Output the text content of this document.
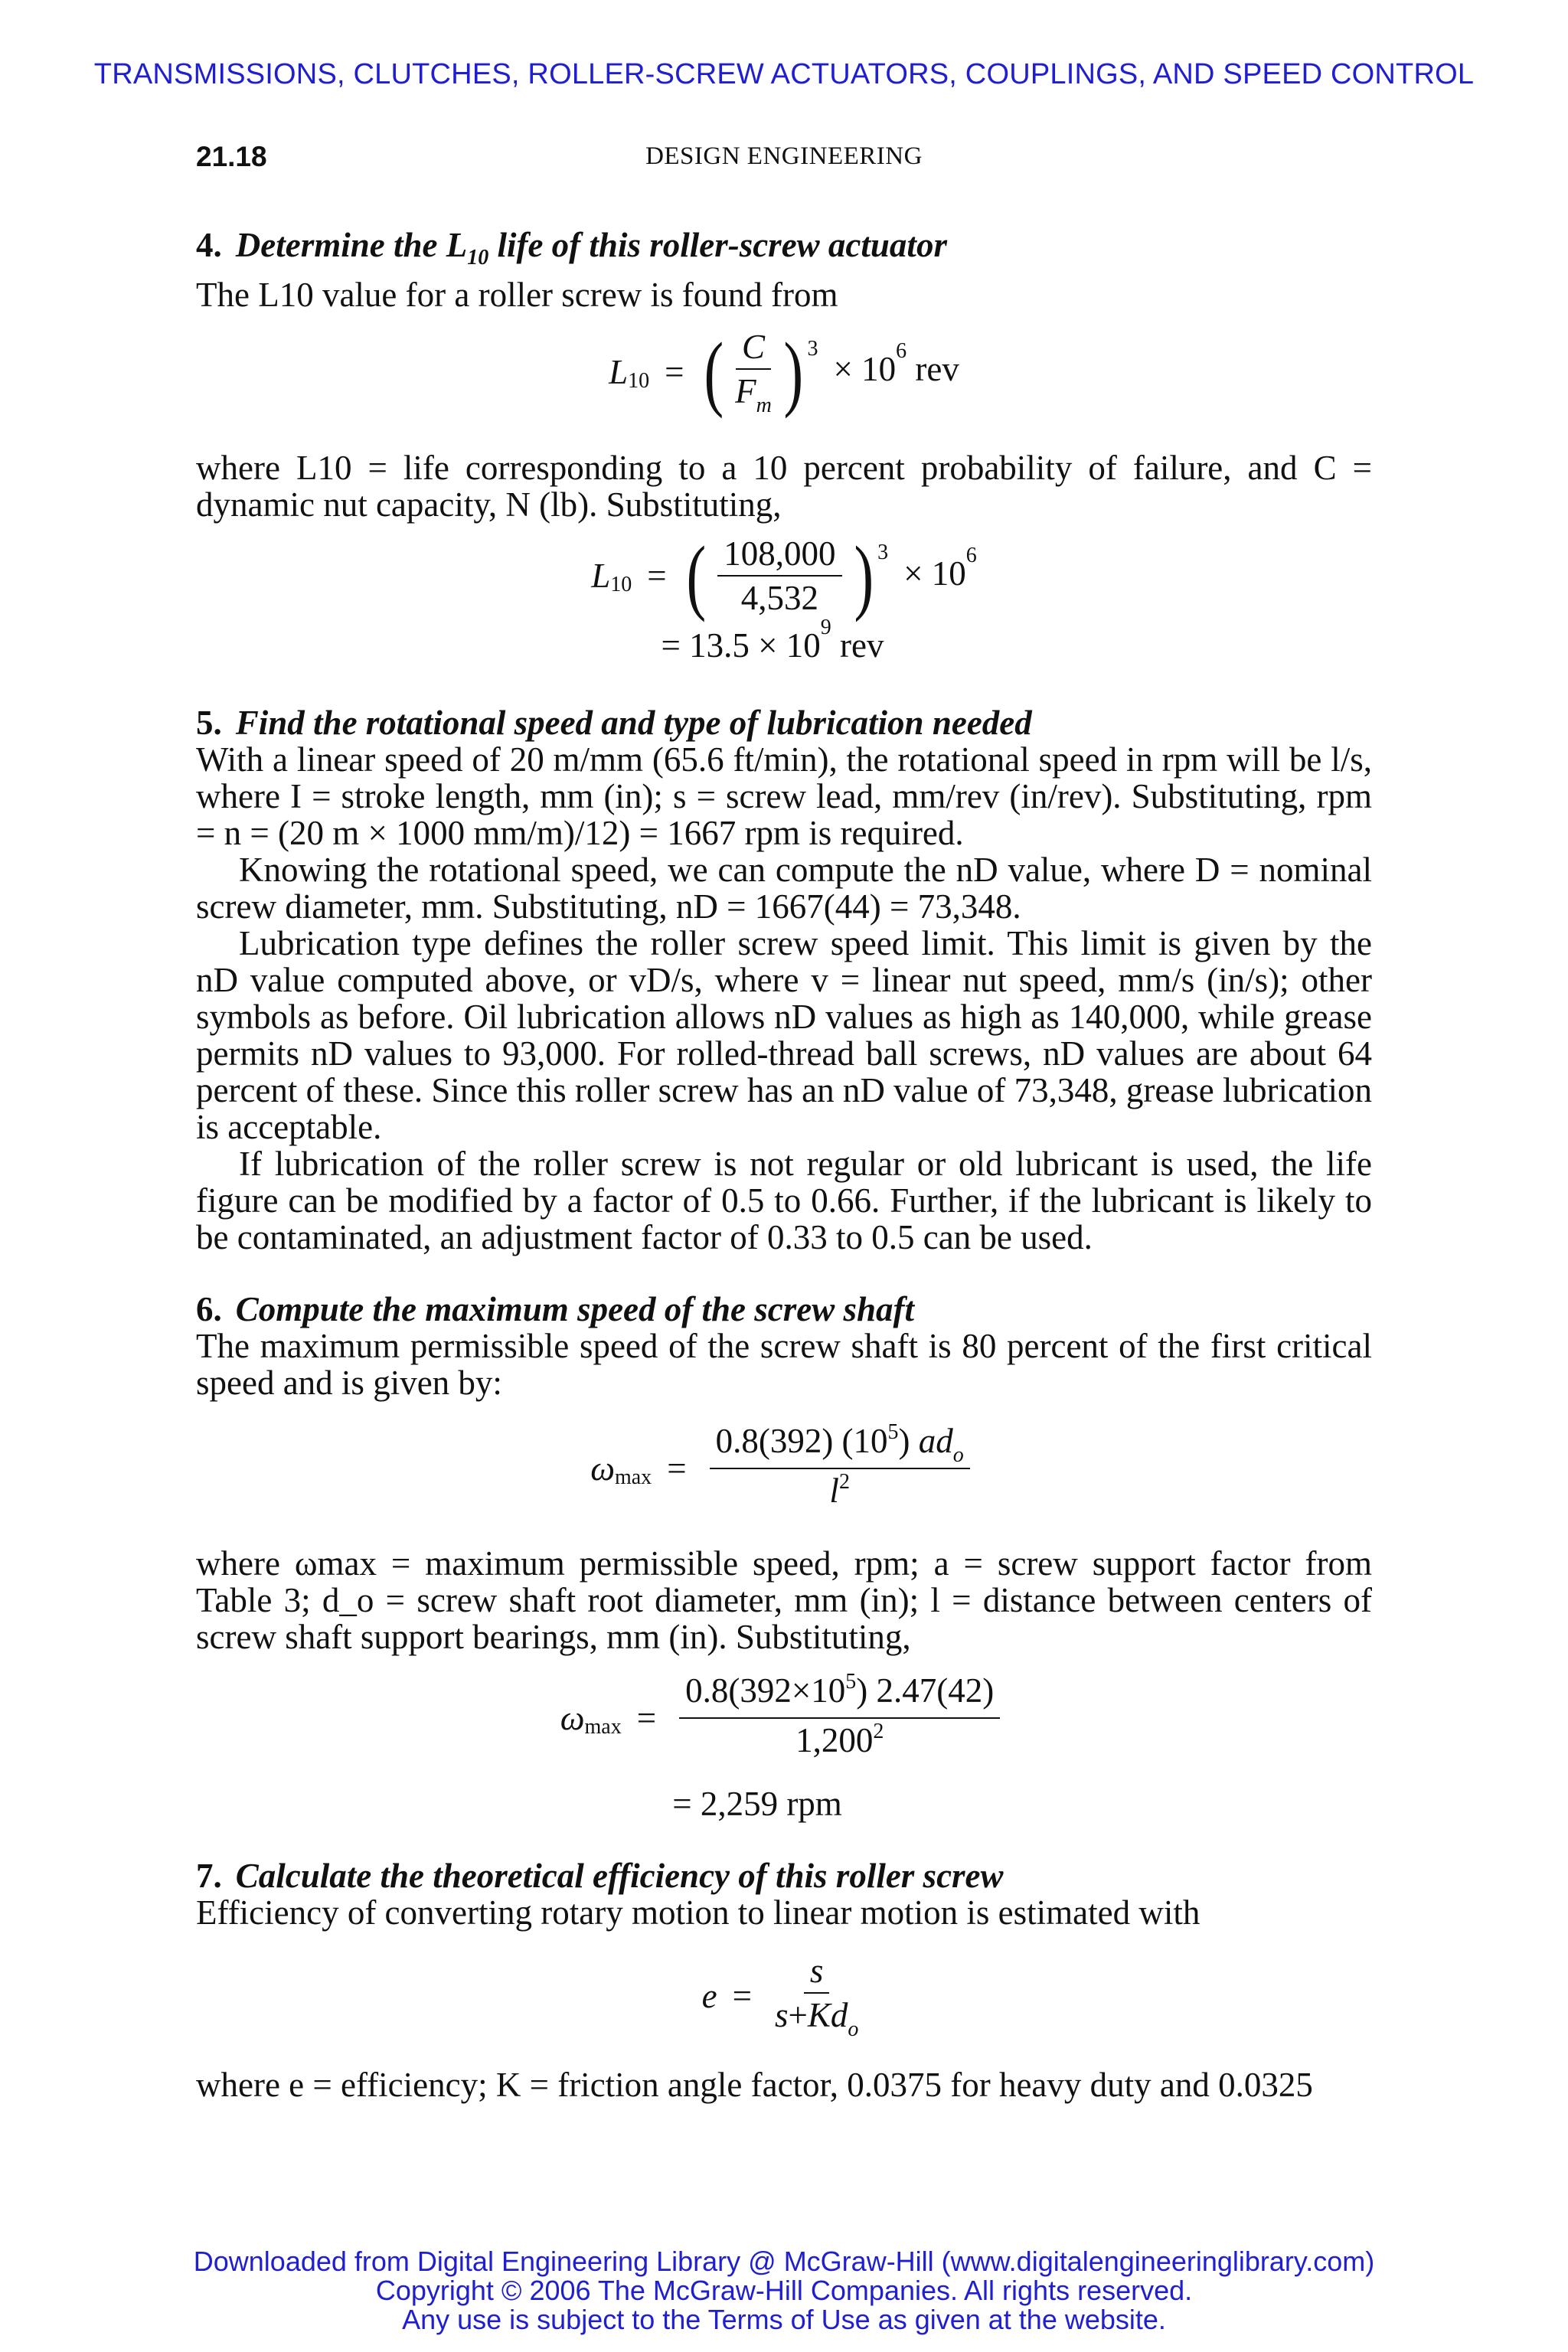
TRANSMISSIONS, CLUTCHES, ROLLER-SCREW ACTUATORS, COUPLINGS, AND SPEED CONTROL
21.18	DESIGN ENGINEERING

4. Determine the $L_{10}$ life of this roller-screw actuator

The L10 value for a roller screw is found from

L 10 = ( $\frac{C}{F_m}$ ) 3
× $10^6$ rev

where L10 = life corresponding to a 10 percent probability of failure, and C = dynamic nut capacity, N (lb). Substituting,

L 10 = ( $\frac{108,000}{4,532}$ ) 3
× $10^6$
= $13.5 \times 10^9$ rev

5. Find the rotational speed and type of lubrication needed

With a linear speed of 20 m/mm (65.6 ft/min), the rotational speed in rpm will be l/s, where I = stroke length, mm (in); s = screw lead, mm/rev (in/rev). Substituting, rpm = n = (20 m × 1000 mm/m)/12) = 1667 rpm is required.

Knowing the rotational speed, we can compute the nD value, where D = nominal screw diameter, mm. Substituting, nD = 1667(44) = 73,348.

Lubrication type defines the roller screw speed limit. This limit is given by the nD value computed above, or vD/s, where v = linear nut speed, mm/s (in/s); other symbols as before. Oil lubrication allows nD values as high as 140,000, while grease permits nD values to 93,000. For rolled-thread ball screws, nD values are about 64 percent of these. Since this roller screw has an nD value of 73,348, grease lubrication is acceptable.

If lubrication of the roller screw is not regular or old lubricant is used, the life figure can be modified by a factor of 0.5 to 0.66. Further, if the lubricant is likely to be contaminated, an adjustment factor of 0.33 to 0.5 can be used.

6. Compute the maximum speed of the screw shaft

The maximum permissible speed of the screw shaft is 80 percent of the first critical speed and is given by:

ω $\max = \frac{0.8(392) (10^5) ad_o}{l^2}$

where ωmax = maximum permissible speed, rpm; a = screw support factor from Table 3; d_o = screw shaft root diameter, mm (in); l = distance between centers of screw shaft support bearings, mm (in). Substituting,

ω $\max = \frac{0.8(392\times 10^5) 2.47(42)}{1,200^2}$
= 2,259 rpm

7. Calculate the theoretical efficiency of this roller screw

Efficiency of converting rotary motion to linear motion is estimated with

$e = \frac{s}{s+Kd_o}$

where e = efficiency; K = friction angle factor, 0.0375 for heavy duty and 0.0325

Downloaded from Digital Engineering Library @ McGraw-Hill (www.digitalengineeringlibrary.com)
Copyright © 2006 The McGraw-Hill Companies. All rights reserved.
Any use is subject to the Terms of Use as given at the website.
